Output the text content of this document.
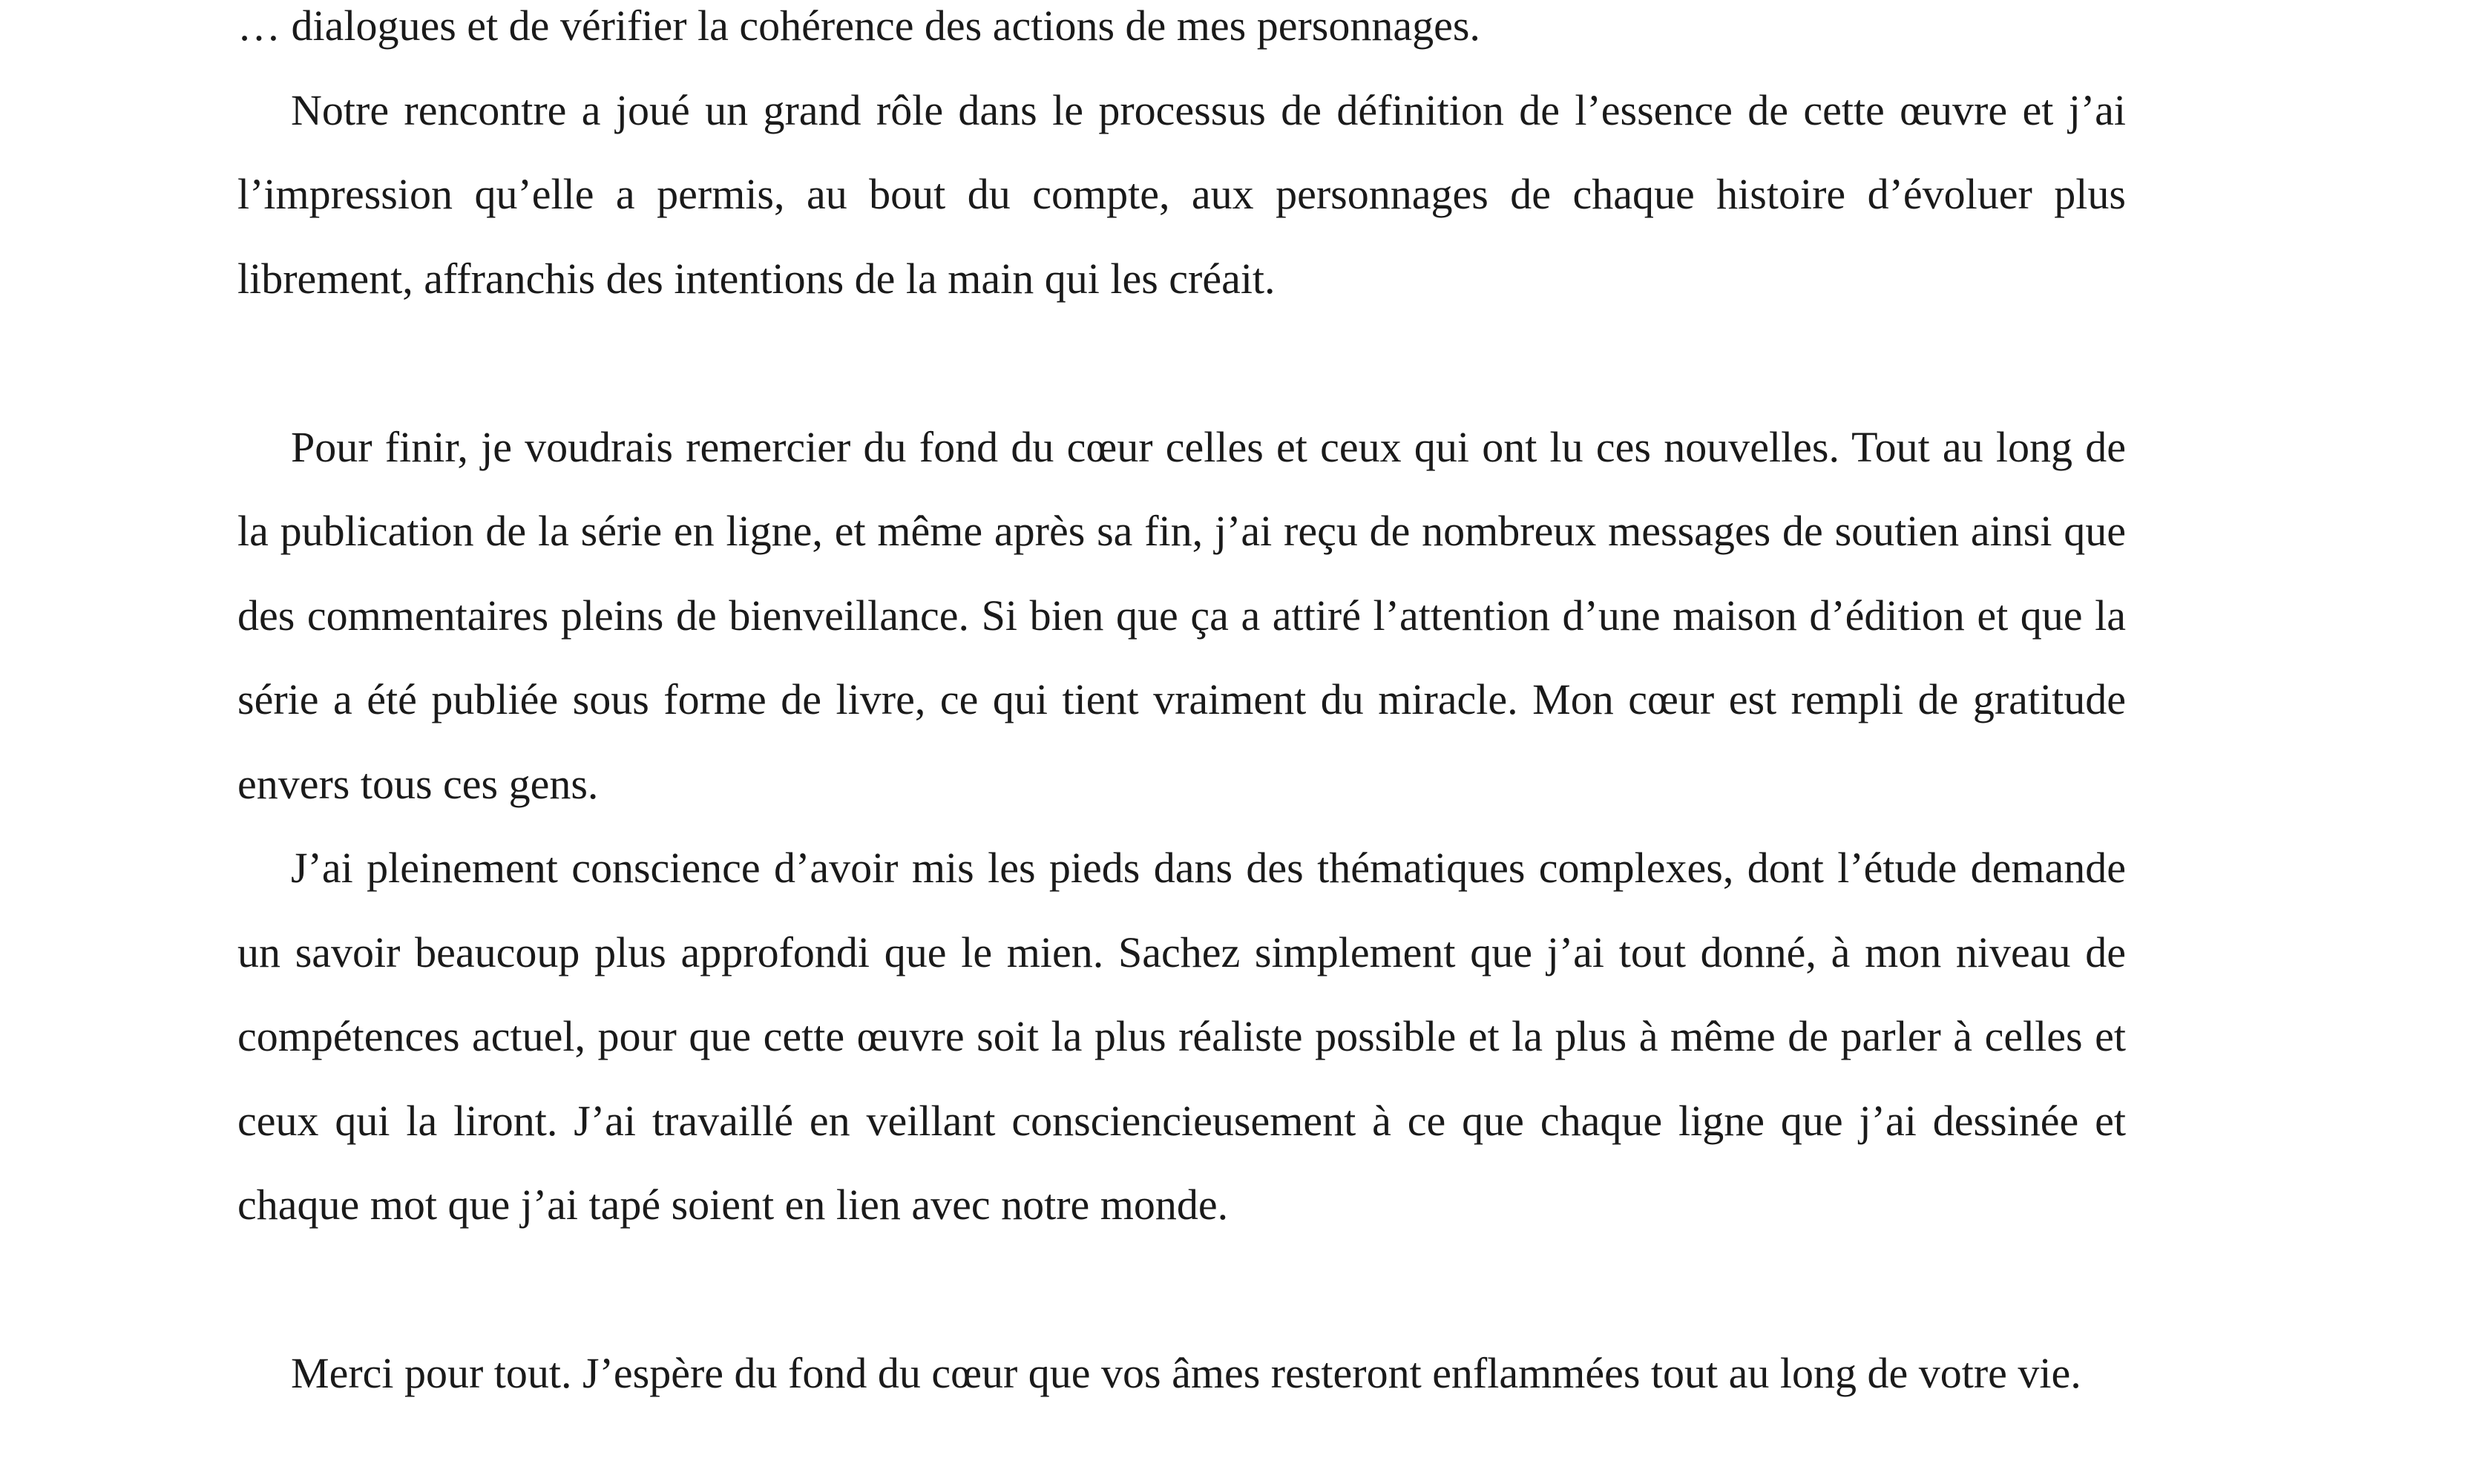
… dialogues et de vérifier la cohérence des actions de mes personnages.

Notre rencontre a joué un grand rôle dans le processus de définition de l’essence de cette œuvre et j’ai l’impression qu’elle a permis, au bout du compte, aux personnages de chaque histoire d’évoluer plus librement, affranchis des intentions de la main qui les créait.

Pour finir, je voudrais remercier du fond du cœur celles et ceux qui ont lu ces nouvelles. Tout au long de la publication de la série en ligne, et même après sa fin, j’ai reçu de nombreux messages de soutien ainsi que des commentaires pleins de bienveillance. Si bien que ça a attiré l’attention d’une maison d’édition et que la série a été publiée sous forme de livre, ce qui tient vraiment du miracle. Mon cœur est rempli de gratitude envers tous ces gens.

J’ai pleinement conscience d’avoir mis les pieds dans des thématiques complexes, dont l’étude demande un savoir beaucoup plus approfondi que le mien. Sachez simplement que j’ai tout donné, à mon niveau de compétences actuel, pour que cette œuvre soit la plus réaliste possible et la plus à même de parler à celles et ceux qui la liront. J’ai travaillé en veillant consciencieusement à ce que chaque ligne que j’ai dessinée et chaque mot que j’ai tapé soient en lien avec notre monde.

Merci pour tout. J’espère du fond du cœur que vos âmes resteront enflammées tout au long de votre vie.
